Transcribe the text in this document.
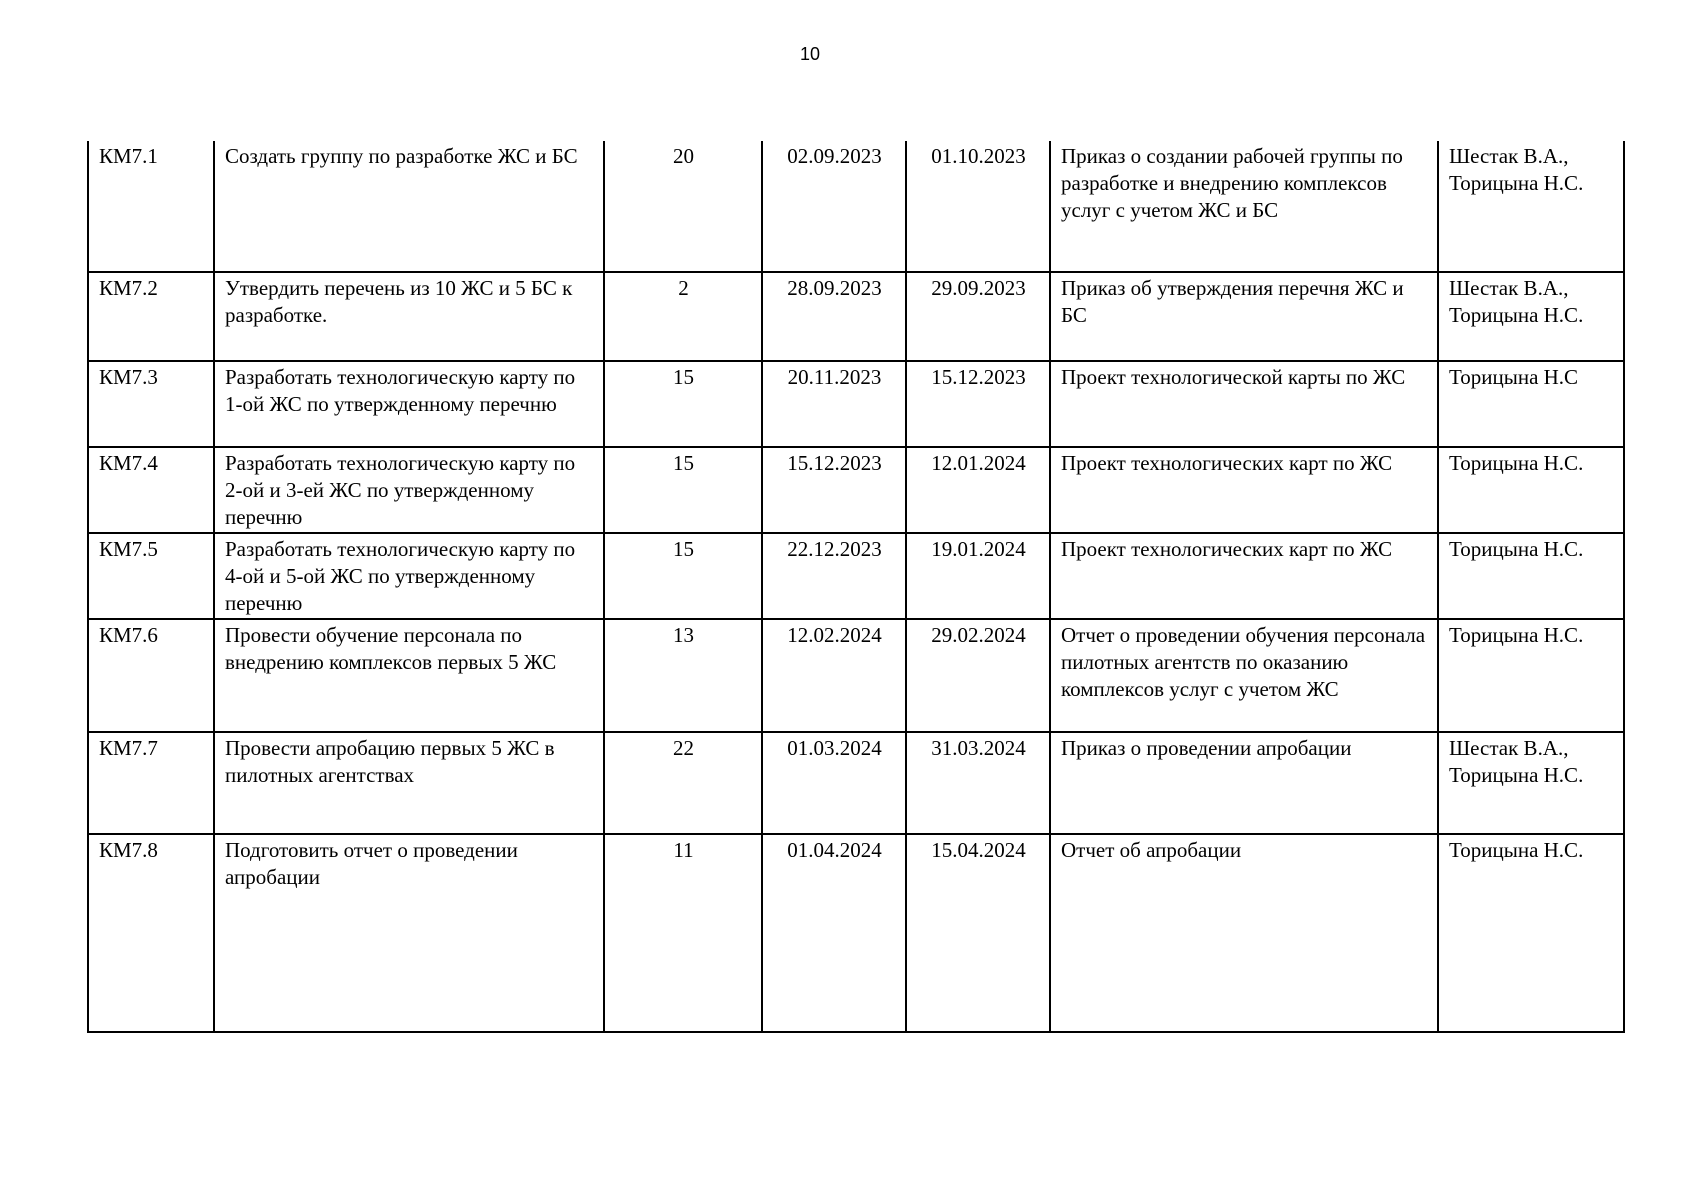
10
КМ7.1	Создать группу по разработке ЖС и БС	20	02.09.2023	01.10.2023	Приказ о создании рабочей группы по разработке и внедрению комплексов услуг с учетом ЖС и БС	Шестак В.А., Торицына Н.С.
КМ7.2	Утвердить перечень из 10 ЖС и 5 БС к разработке.	2	28.09.2023	29.09.2023	Приказ об утверждения перечня ЖС и БС	Шестак В.А., Торицына Н.С.
КМ7.3	Разработать технологическую карту по 1-ой ЖС по утвержденному перечню	15	20.11.2023	15.12.2023	Проект технологической карты по ЖС	Торицына Н.С
КМ7.4	Разработать технологическую карту по 2-ой и 3-ей ЖС по утвержденному перечню	15	15.12.2023	12.01.2024	Проект технологических карт по ЖС	Торицына Н.С.
КМ7.5	Разработать технологическую карту по 4-ой и 5-ой ЖС по утвержденному перечню	15	22.12.2023	19.01.2024	Проект технологических карт по ЖС	Торицына Н.С.
КМ7.6	Провести обучение персонала по внедрению комплексов первых 5 ЖС	13	12.02.2024	29.02.2024	Отчет о проведении обучения персонала пилотных агентств по оказанию комплексов услуг с учетом ЖС	Торицына Н.С.
КМ7.7	Провести апробацию первых 5 ЖС в пилотных агентствах	22	01.03.2024	31.03.2024	Приказ о проведении апробации	Шестак В.А., Торицына Н.С.
КМ7.8	Подготовить отчет о проведении апробации	11	01.04.2024	15.04.2024	Отчет об апробации	Торицына Н.С.
